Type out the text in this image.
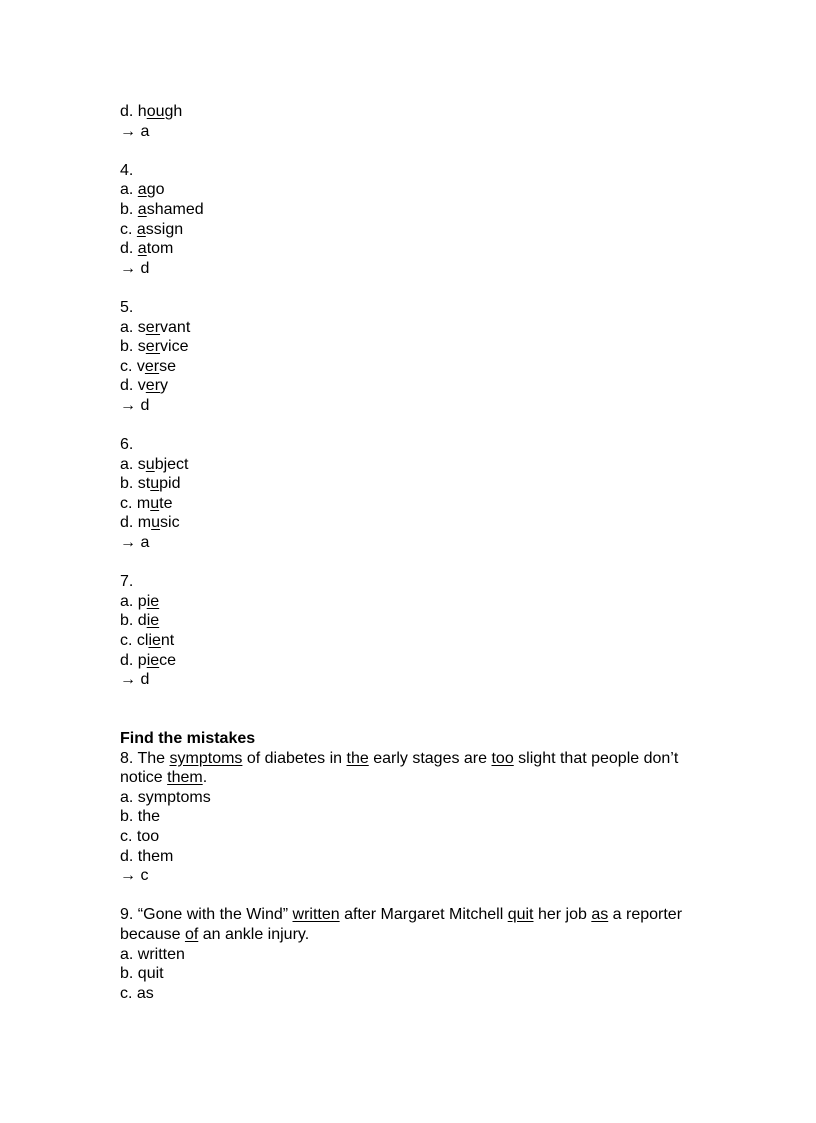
d. hough
→ a
4.
a. ago
b. ashamed
c. assign
d. atom
→ d
5.
a. servant
b. service
c. verse
d. very
→ d
6.
a. subject
b. stupid
c. mute
d. music
→ a
7.
a. pie
b. die
c. client
d. piece
→ d
Find the mistakes
8. The symptoms of diabetes in the early stages are too slight that people don’t
notice them.
a. symptoms
b. the
c. too
d. them
→ c
9. “Gone with the Wind” written after Margaret Mitchell quit her job as a reporter
because of an ankle injury.
a. written
b. quit
c. as
